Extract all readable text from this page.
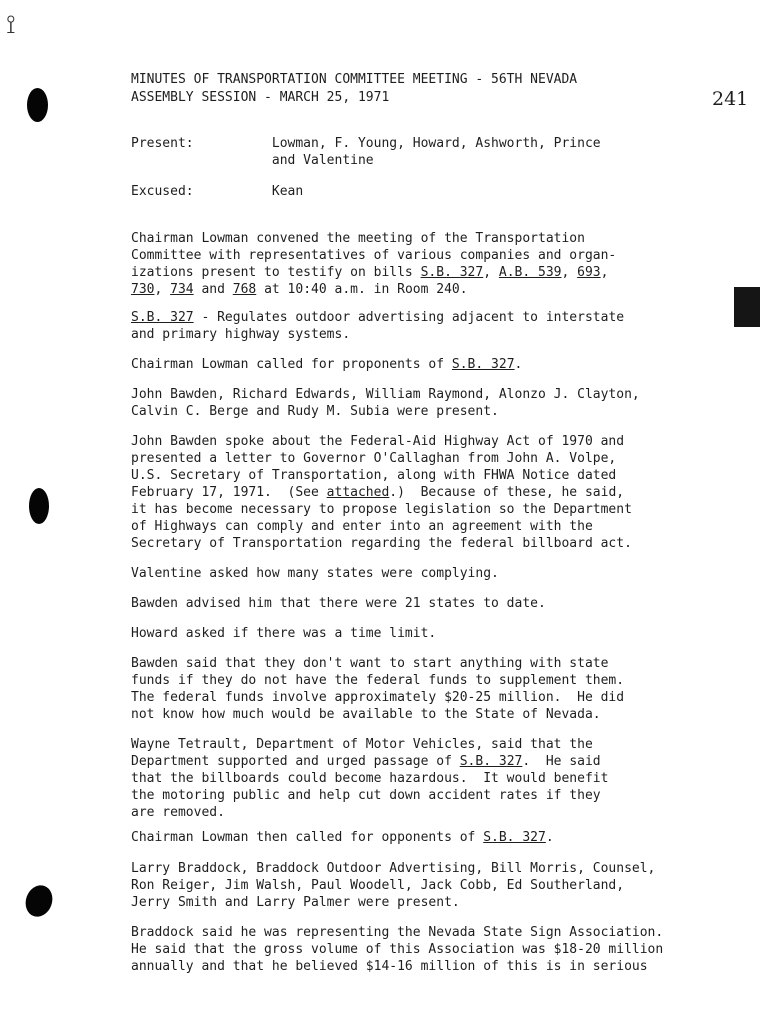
⟟
241
MINUTES OF TRANSPORTATION COMMITTEE MEETING - 56TH NEVADA
ASSEMBLY SESSION - MARCH 25, 1971
Present:          Lowman, F. Young, Howard, Ashworth, Prince
and Valentine
Excused:          Kean
Chairman Lowman convened the meeting of the Transportation
Committee with representatives of various companies and organ-
izations present to testify on bills S.B. 327, A.B. 539, 693,
730, 734 and 768 at 10:40 a.m. in Room 240.
S.B. 327 - Regulates outdoor advertising adjacent to interstate
and primary highway systems.
Chairman Lowman called for proponents of S.B. 327.
John Bawden, Richard Edwards, William Raymond, Alonzo J. Clayton,
Calvin C. Berge and Rudy M. Subia were present.
John Bawden spoke about the Federal-Aid Highway Act of 1970 and
presented a letter to Governor O'Callaghan from John A. Volpe,
U.S. Secretary of Transportation, along with FHWA Notice dated
February 17, 1971.  (See attached.)  Because of these, he said,
it has become necessary to propose legislation so the Department
of Highways can comply and enter into an agreement with the
Secretary of Transportation regarding the federal billboard act.
Valentine asked how many states were complying.
Bawden advised him that there were 21 states to date.
Howard asked if there was a time limit.
Bawden said that they don't want to start anything with state
funds if they do not have the federal funds to supplement them.
The federal funds involve approximately $20-25 million.  He did
not know how much would be available to the State of Nevada.
Wayne Tetrault, Department of Motor Vehicles, said that the
Department supported and urged passage of S.B. 327.  He said
that the billboards could become hazardous.  It would benefit
the motoring public and help cut down accident rates if they
are removed.
Chairman Lowman then called for opponents of S.B. 327.
Larry Braddock, Braddock Outdoor Advertising, Bill Morris, Counsel,
Ron Reiger, Jim Walsh, Paul Woodell, Jack Cobb, Ed Southerland,
Jerry Smith and Larry Palmer were present.
Braddock said he was representing the Nevada State Sign Association.
He said that the gross volume of this Association was $18-20 million
annually and that he believed $14-16 million of this is in serious
